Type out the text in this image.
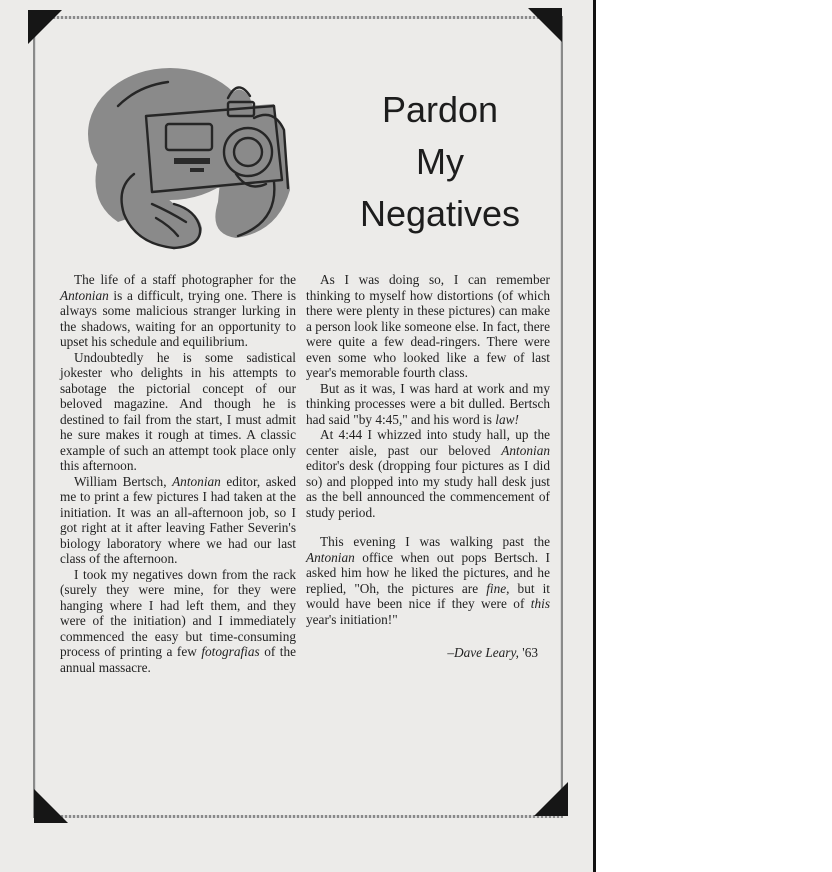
Pardon
My
Negatives

The life of a staff photographer for the Antonian is a difficult, trying one. There is always some malicious stranger lurking in the shadows, waiting for an opportunity to upset his schedule and equilibrium.

Undoubtedly he is some sadistical jokester who delights in his attempts to sabotage the pictorial concept of our beloved magazine. And though he is destined to fail from the start, I must admit he sure makes it rough at times. A classic example of such an attempt took place only this afternoon.

William Bertsch, Antonian editor, asked me to print a few pictures I had taken at the initiation. It was an all-afternoon job, so I got right at it after leaving Father Severin's biology laboratory where we had our last class of the afternoon.

I took my negatives down from the rack (surely they were mine, for they were hanging where I had left them, and they were of the initiation) and I immediately commenced the easy but time-consuming process of printing a few fotografias of the annual massacre.

As I was doing so, I can remember thinking to myself how distortions (of which there were plenty in these pictures) can make a person look like someone else. In fact, there were quite a few dead-ringers. There were even some who looked like a few of last year's memorable fourth class.

But as it was, I was hard at work and my thinking processes were a bit dulled. Bertsch had said "by 4:45," and his word is law!

At 4:44 I whizzed into study hall, up the center aisle, past our beloved Antonian editor's desk (dropping four pictures as I did so) and plopped into my study hall desk just as the bell announced the commencement of study period.

This evening I was walking past the Antonian office when out pops Bertsch. I asked him how he liked the pictures, and he replied, "Oh, the pictures are fine, but it would have been nice if they were of this year's initiation!"

–Dave Leary, '63
